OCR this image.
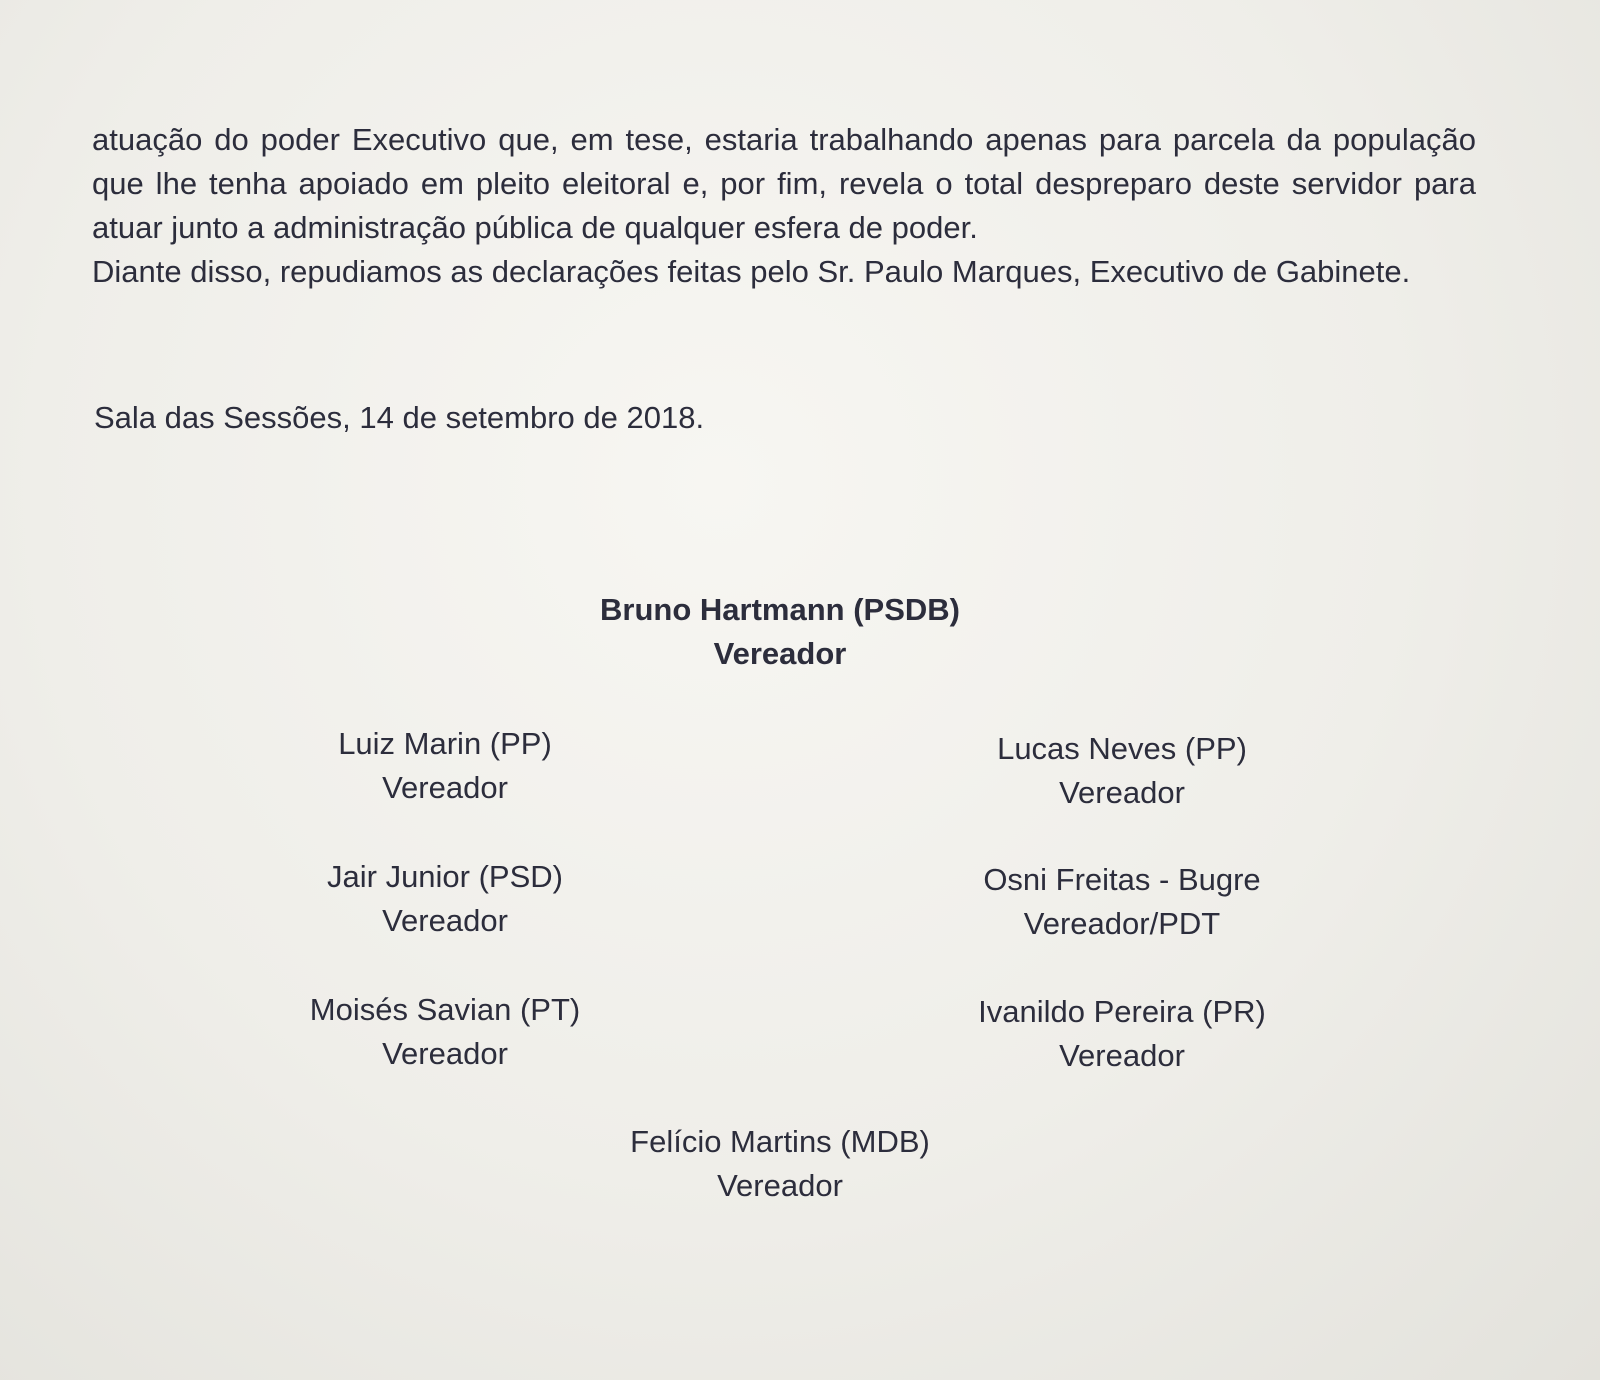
atuação do poder Executivo que, em tese, estaria trabalhando apenas para parcela da população que lhe tenha apoiado em pleito eleitoral e, por fim, revela o total despreparo deste servidor para atuar junto a administração pública de qualquer esfera de poder.

Diante disso, repudiamos as declarações feitas pelo Sr. Paulo Marques, Executivo de Gabinete.

Sala das Sessões, 14 de setembro de 2018.

Bruno Hartmann (PSDB)
Vereador
Luiz Marin (PP)
Vereador
Lucas Neves (PP)
Vereador
Jair Junior (PSD)
Vereador
Osni Freitas - Bugre
Vereador/PDT
Moisés Savian (PT)
Vereador
Ivanildo Pereira (PR)
Vereador
Felício Martins (MDB)
Vereador
